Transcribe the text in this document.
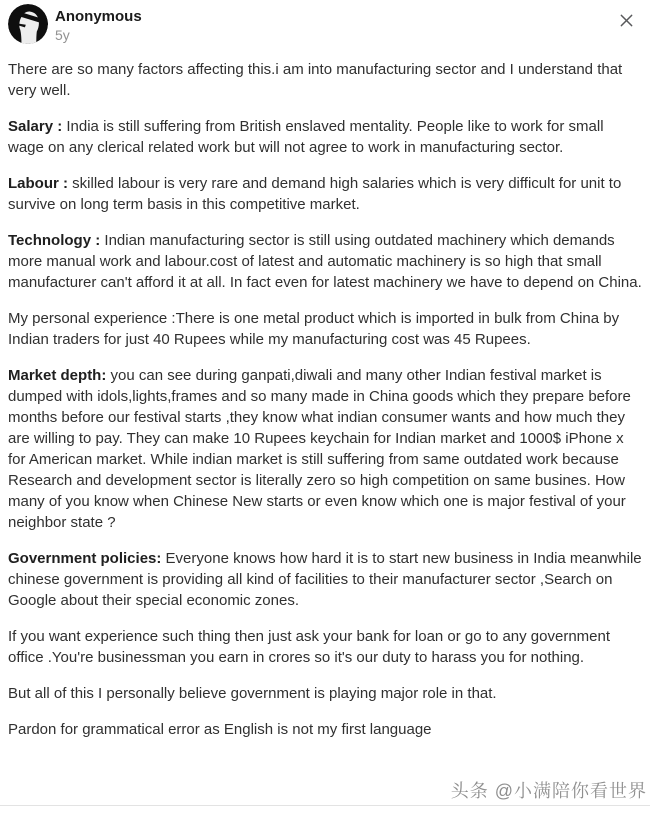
Anonymous
5y

There are so many factors affecting this.i am into manufacturing sector and I understand that very well.

Salary : India is still suffering from British enslaved mentality. People like to work for small wage on any clerical related work but will not agree to work in manufacturing sector.

Labour : skilled labour is very rare and demand high salaries which is very difficult for unit to survive on long term basis in this competitive market.

Technology : Indian manufacturing sector is still using outdated machinery which demands more manual work and labour.cost of latest and automatic machinery is so high that small manufacturer can't afford it at all. In fact even for latest machinery we have to depend on China.

My personal experience :There is one metal product which is imported in bulk from China by Indian traders for just 40 Rupees while my manufacturing cost was 45 Rupees.

Market depth: you can see during ganpati,diwali and many other Indian festival market is dumped with idols,lights,frames and so many made in China goods which they prepare before months before our festival starts ,they know what indian consumer wants and how much they are willing to pay. They can make 10 Rupees keychain for Indian market and 1000$ iPhone x for American market. While indian market is still suffering from same outdated work because Research and development sector is literally zero so high competition on same busines. How many of you know when Chinese New starts or even know which one is major festival of your neighbor state ?

Government policies: Everyone knows how hard it is to start new business in India meanwhile chinese government is providing all kind of facilities to their manufacturer sector ,Search on Google about their special economic zones.

If you want experience such thing then just ask your bank for loan or go to any government office .You're businessman you earn in crores so it's our duty to harass you for nothing.

But all of this I personally believe government is playing major role in that.

Pardon for grammatical error as English is not my first language

头条 @小满陪你看世界
